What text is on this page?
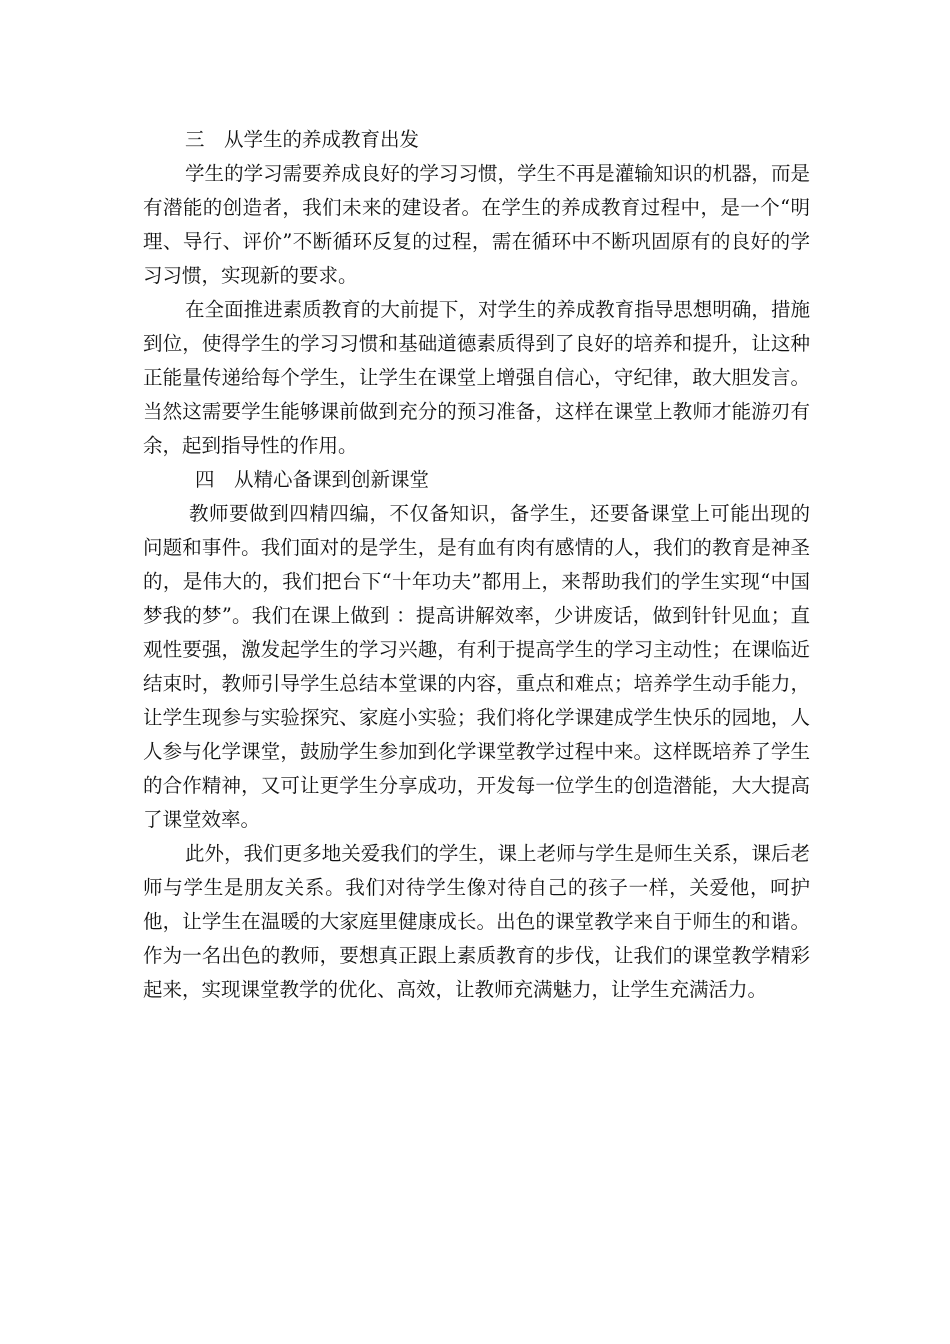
三　从学生的养成教育出发

学生的学习需要养成良好的学习习惯，学生不再是灌输知识的机器，而是有潜能的创造者，我们未来的建设者。在学生的养成教育过程中，是一个“明理、导行、评价”不断循环反复的过程，需在循环中不断巩固原有的良好的学习习惯，实现新的要求。

在全面推进素质教育的大前提下，对学生的养成教育指导思想明确，措施到位，使得学生的学习习惯和基础道德素质得到了良好的培养和提升，让这种正能量传递给每个学生，让学生在课堂上增强自信心，守纪律，敢大胆发言。当然这需要学生能够课前做到充分的预习准备，这样在课堂上教师才能游刃有余，起到指导性的作用。

四　从精心备课到创新课堂

教师要做到四精四编，不仅备知识，备学生，还要备课堂上可能出现的问题和事件。我们面对的是学生，是有血有肉有感情的人，我们的教育是神圣的，是伟大的，我们把台下“十年功夫”都用上，来帮助我们的学生实现“中国梦我的梦”。我们在课上做到 ：提高讲解效率，少讲废话，做到针针见血；直观性要强，激发起学生的学习兴趣，有利于提高学生的学习主动性；在课临近结束时，教师引导学生总结本堂课的内容，重点和难点；培养学生动手能力，让学生现参与实验探究、家庭小实验；我们将化学课建成学生快乐的园地，人人参与化学课堂，鼓励学生参加到化学课堂教学过程中来。这样既培养了学生的合作精神，又可让更学生分享成功，开发每一位学生的创造潜能，大大提高了课堂效率。

此外，我们更多地关爱我们的学生，课上老师与学生是师生关系，课后老师与学生是朋友关系。我们对待学生像对待自己的孩子一样，关爱他，呵护他，让学生在温暖的大家庭里健康成长。出色的课堂教学来自于师生的和谐。作为一名出色的教师，要想真正跟上素质教育的步伐，让我们的课堂教学精彩起来，实现课堂教学的优化、高效，让教师充满魅力，让学生充满活力。
